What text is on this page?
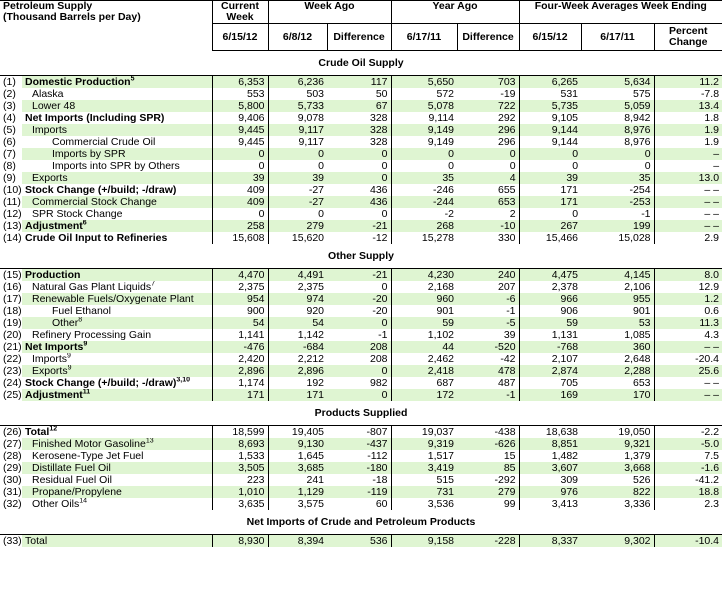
Petroleum Supply
(Thousand Barrels per Day)		Current Week	Week Ago		Year Ago		Four-Week Averages Week Ending		
		6/15/12	6/8/12	Difference	6/17/11	Difference	6/15/12	6/17/11	Percent Change
Crude Oil Supply									
(1)	Domestic Production$^5$	6,353	6,236	117	5,650	703	6,265	5,634	11.2
(2)	Alaska	553	503	50	572	-19	531	575	-7.8
(3)	Lower 48	5,800	5,733	67	5,078	722	5,735	5,059	13.4
(4)	Net Imports (Including SPR)	9,406	9,078	328	9,114	292	9,105	8,942	1.8
(5)	Imports	9,445	9,117	328	9,149	296	9,144	8,976	1.9
(6)	Commercial Crude Oil	9,445	9,117	328	9,149	296	9,144	8,976	1.9
(7)	Imports by SPR	0	0	0	0	0	0	0	–
(8)	Imports into SPR by Others	0	0	0	0	0	0	0	–
(9)	Exports	39	39	0	35	4	39	35	13.0
(10)	Stock Change (+/build; -/draw)	409	-27	436	-246	655	171	-254	– –
(11)	Commercial Stock Change	409	-27	436	-244	653	171	-253	– –
(12)	SPR Stock Change	0	0	0	-2	2	0	-1	– –
(13)	Adjustment$^6$	258	279	-21	268	-10	267	199	– –
(14)	Crude Oil Input to Refineries	15,608	15,620	-12	15,278	330	15,466	15,028	2.9
Other Supply									
(15)	Production	4,470	4,491	-21	4,230	240	4,475	4,145	8.0
(16)	Natural Gas Plant Liquids$^7$	2,375	2,375	0	2,168	207	2,378	2,106	12.9
(17)	Renewable Fuels/Oxygenate Plant	954	974	-20	960	-6	966	955	1.2
(18)	Fuel Ethanol	900	920	-20	901	-1	906	901	0.6
(19)	Other$^8$	54	54	0	59	-5	59	53	11.3
(20)	Refinery Processing Gain	1,141	1,142	-1	1,102	39	1,131	1,085	4.3
(21)	Net Imports$^9$	-476	-684	208	44	-520	-768	360	– –
(22)	Imports$^9$	2,420	2,212	208	2,462	-42	2,107	2,648	-20.4
(23)	Exports$^9$	2,896	2,896	0	2,418	478	2,874	2,288	25.6
(24)	Stock Change (+/build; -/draw)$^{3,10}$	1,174	192	982	687	487	705	653	– –
(25)	Adjustment$^{11}$	171	171	0	172	-1	169	170	– –
Products Supplied									
(26)	Total$^{12}$	18,599	19,405	-807	19,037	-438	18,638	19,050	-2.2
(27)	Finished Motor Gasoline$^{13}$	8,693	9,130	-437	9,319	-626	8,851	9,321	-5.0
(28)	Kerosene-Type Jet Fuel	1,533	1,645	-112	1,517	15	1,482	1,379	7.5
(29)	Distillate Fuel Oil	3,505	3,685	-180	3,419	85	3,607	3,668	-1.6
(30)	Residual Fuel Oil	223	241	-18	515	-292	309	526	-41.2
(31)	Propane/Propylene	1,010	1,129	-119	731	279	976	822	18.8
(32)	Other Oils$^{14}$	3,635	3,575	60	3,536	99	3,413	3,336	2.3
Net Imports of Crude and Petroleum Products									
(33)	Total	8,930	8,394	536	9,158	-228	8,337	9,302	-10.4
